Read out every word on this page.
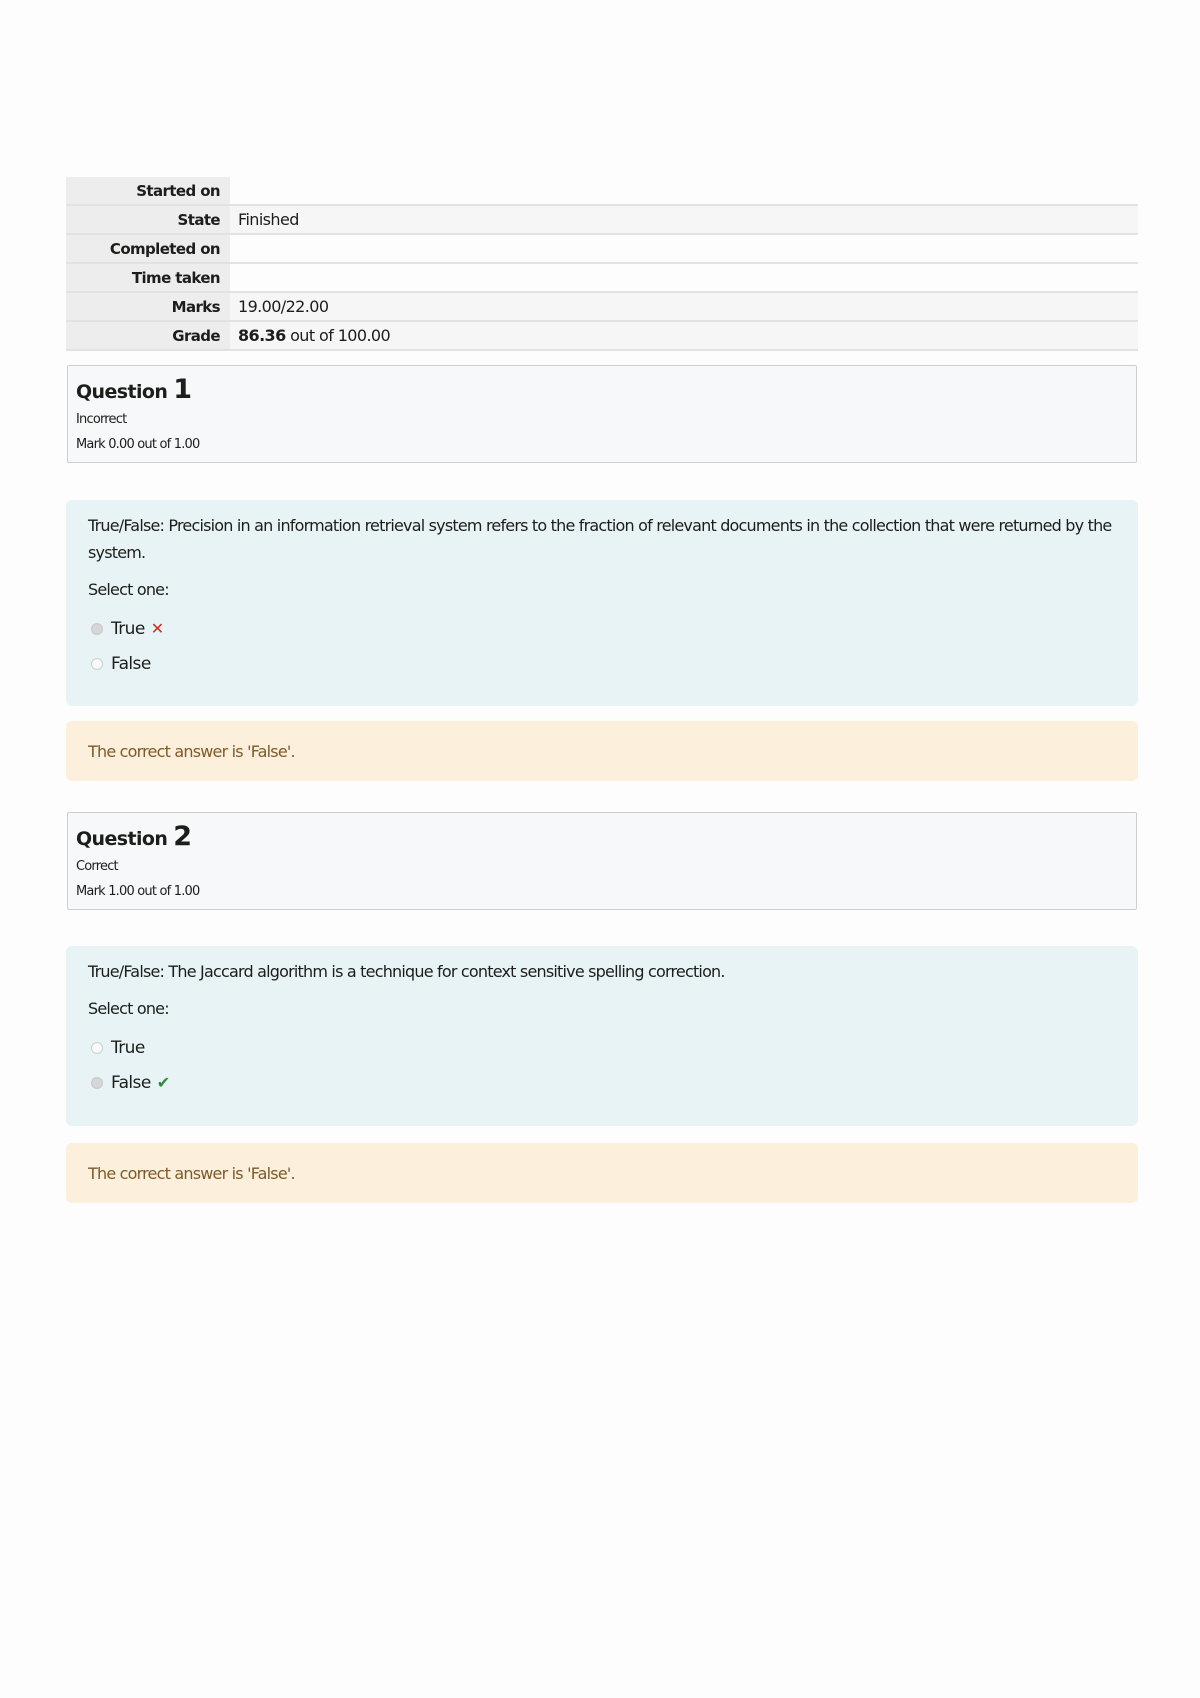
Started on	
State	Finished
Completed on	
Time taken	
Marks	19.00/22.00
Grade	86.36 out of 100.00
Question 1
Incorrect
Mark 0.00 out of 1.00
True/False: Precision in an information retrieval system refers to the fraction of relevant documents in the collection that were returned by the system.
Select one:
True ✕
False
The correct answer is 'False'.
Question 2
Correct
Mark 1.00 out of 1.00
True/False: The Jaccard algorithm is a technique for context sensitive spelling correction.
Select one:
True
False ✔
The correct answer is 'False'.
